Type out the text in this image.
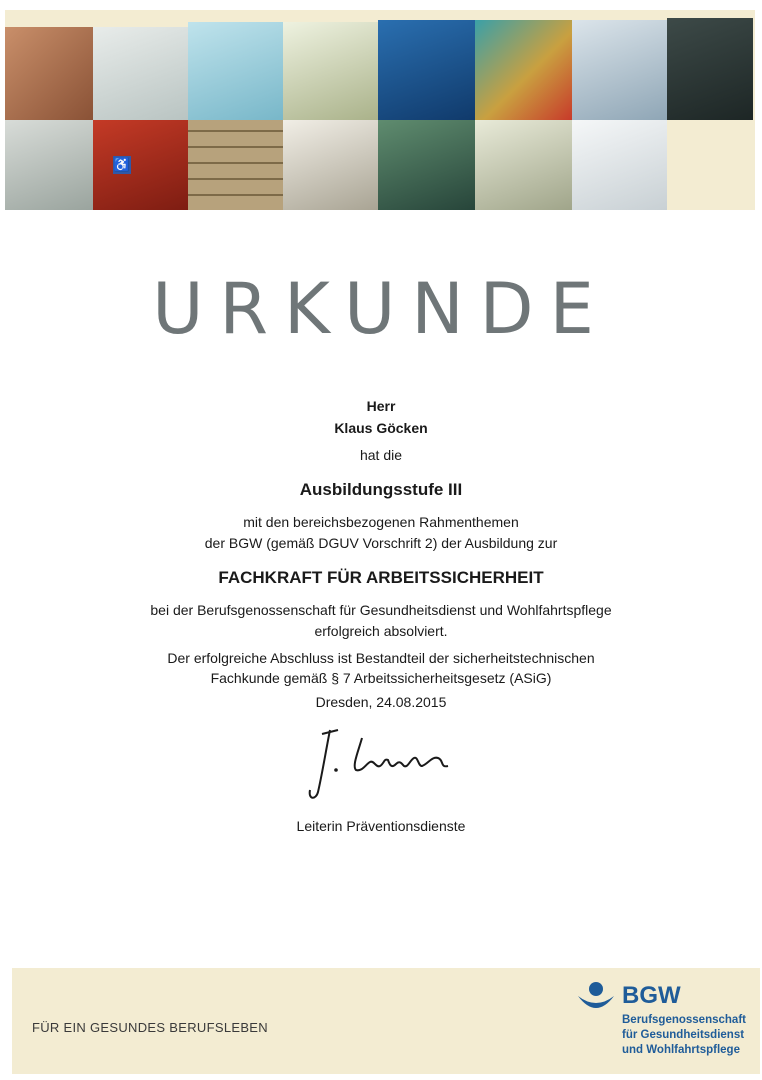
♿
URKUNDE
Herr
Klaus Göcken
hat die
Ausbildungsstufe III
mit den bereichsbezogenen Rahmenthemen
der BGW (gemäß DGUV Vorschrift 2) der Ausbildung zur
FACHKRAFT FÜR ARBEITSSICHERHEIT
bei der Berufsgenossenschaft für Gesundheitsdienst und Wohlfahrtspflege
erfolgreich absolviert.
Der erfolgreiche Abschluss ist Bestandteil der sicherheitstechnischen
Fachkunde gemäß § 7 Arbeitssicherheitsgesetz (ASiG)
Dresden, 24.08.2015
Leiterin Präventionsdienste
FÜR EIN GESUNDES BERUFSLEBEN
BGW
Berufsgenossenschaft
für Gesundheitsdienst
und Wohlfahrtspflege
